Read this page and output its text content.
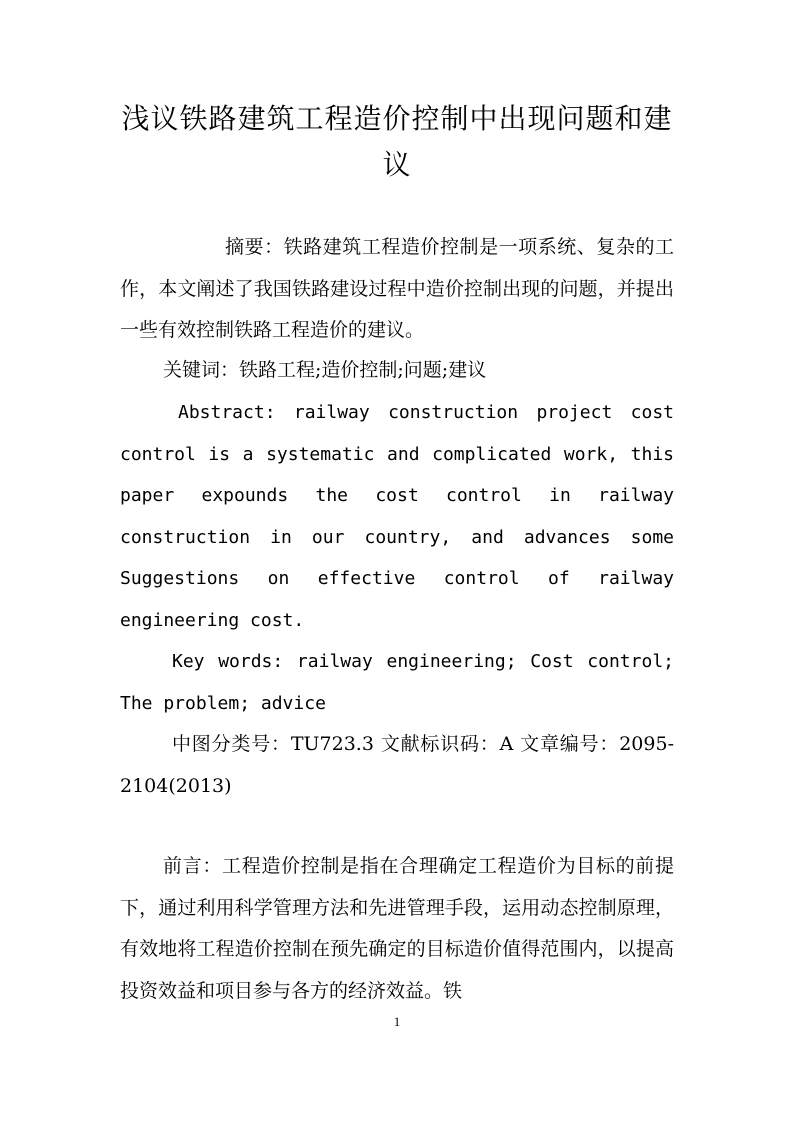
浅议铁路建筑工程造价控制中出现问题和建议

摘要：铁路建筑工程造价控制是一项系统、复杂的工作，本文阐述了我国铁路建设过程中造价控制出现的问题，并提出一些有效控制铁路工程造价的建议。

关键词：铁路工程;造价控制;问题;建议

Abstract: railway construction project cost control is a systematic and complicated work, this paper expounds the cost control in railway construction in our country, and advances some Suggestions on effective control of railway engineering cost.

Key words: railway engineering; Cost control; The problem; advice

中图分类号：TU723.3 文献标识码：A 文章编号：2095-2104(2013)

前言：工程造价控制是指在合理确定工程造价为目标的前提下，通过利用科学管理方法和先进管理手段，运用动态控制原理，有效地将工程造价控制在预先确定的目标造价值得范围内，以提高投资效益和项目参与各方的经济效益。铁

1
